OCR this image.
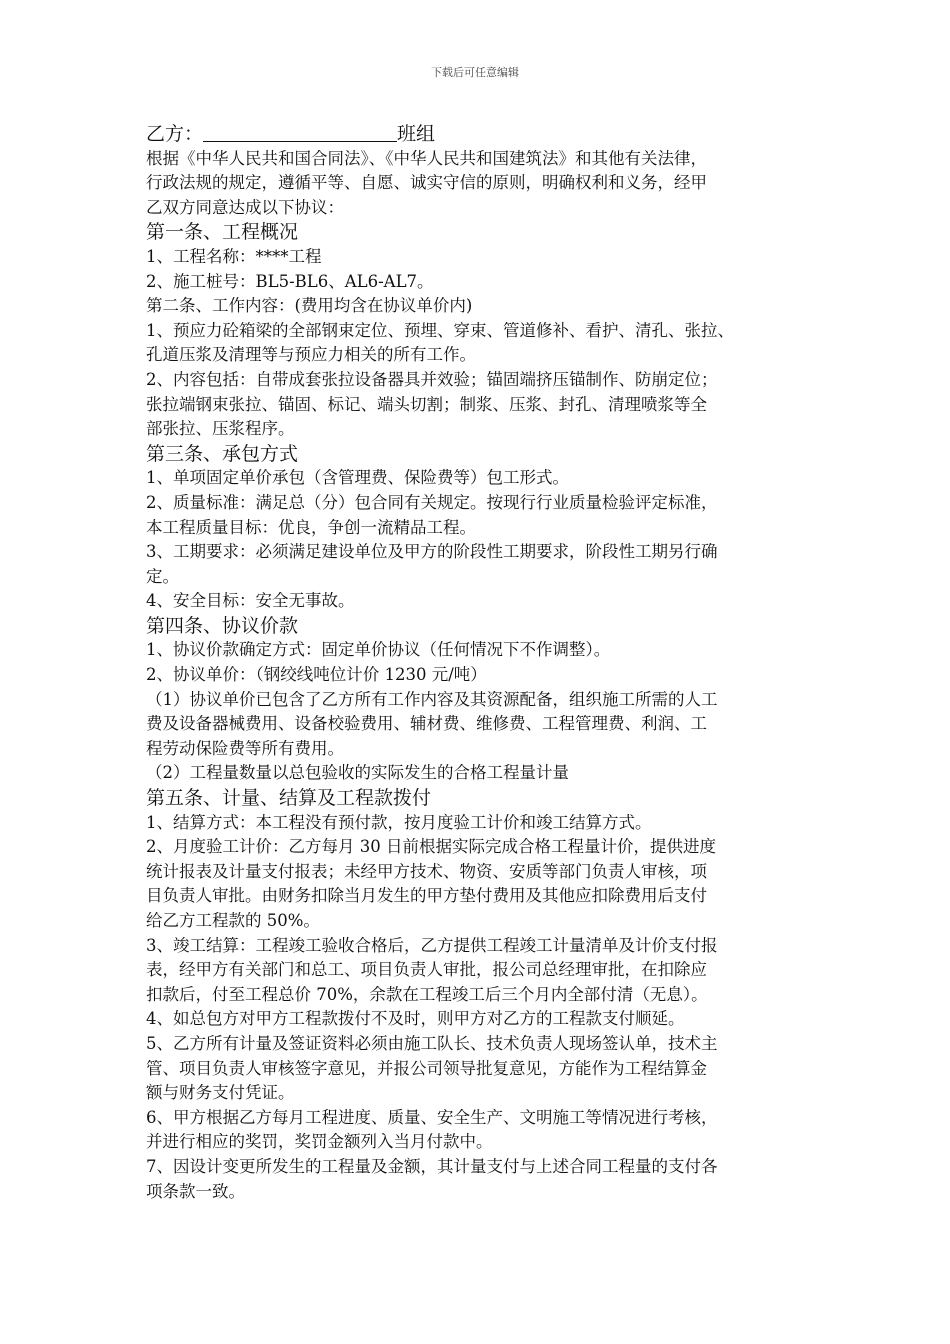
下载后可任意编辑
乙方：	班组
根据《中华人民共和国合同法》、《中华人民共和国建筑法》和其他有关法律，
行政法规的规定，遵循平等、自愿、诚实守信的原则，明确权利和义务，经甲
乙双方同意达成以下协议：
第一条、工程概况
1、工程名称：****工程
2、施工桩号：BL5-BL6、AL6-AL7。
第二条、工作内容：(费用均含在协议单价内)
1、预应力砼箱梁的全部钢束定位、预埋、穿束、管道修补、看护、清孔、张拉、
孔道压浆及清理等与预应力相关的所有工作。
2、内容包括：自带成套张拉设备器具并效验；锚固端挤压锚制作、防崩定位；
张拉端钢束张拉、锚固、标记、端头切割；制浆、压浆、封孔、清理喷浆等全
部张拉、压浆程序。
第三条、承包方式
1、单项固定单价承包（含管理费、保险费等）包工形式。
2、质量标准：满足总（分）包合同有关规定。按现行行业质量检验评定标准，
本工程质量目标：优良，争创一流精品工程。
3、工期要求：必须满足建设单位及甲方的阶段性工期要求，阶段性工期另行确
定。
4、安全目标：安全无事故。
第四条、协议价款
1、协议价款确定方式：固定单价协议（任何情况下不作调整）。
2、协议单价：（钢绞线吨位计价 1230 元/吨）
（1）协议单价已包含了乙方所有工作内容及其资源配备，组织施工所需的人工
费及设备器械费用、设备校验费用、辅材费、维修费、工程管理费、利润、工
程劳动保险费等所有费用。
（2）工程量数量以总包验收的实际发生的合格工程量计量
第五条、计量、结算及工程款拨付
1、结算方式：本工程没有预付款，按月度验工计价和竣工结算方式。
2、月度验工计价：乙方每月 30 日前根据实际完成合格工程量计价，提供进度
统计报表及计量支付报表；未经甲方技术、物资、安质等部门负责人审核，项
目负责人审批。由财务扣除当月发生的甲方垫付费用及其他应扣除费用后支付
给乙方工程款的 50%。
3、竣工结算：工程竣工验收合格后，乙方提供工程竣工计量清单及计价支付报
表，经甲方有关部门和总工、项目负责人审批，报公司总经理审批，在扣除应
扣款后，付至工程总价 70%，余款在工程竣工后三个月内全部付清（无息）。
4、如总包方对甲方工程款拨付不及时，则甲方对乙方的工程款支付顺延。
5、乙方所有计量及签证资料必须由施工队长、技术负责人现场签认单，技术主
管、项目负责人审核签字意见，并报公司领导批复意见，方能作为工程结算金
额与财务支付凭证。
6、甲方根据乙方每月工程进度、质量、安全生产、文明施工等情况进行考核，
并进行相应的奖罚，奖罚金额列入当月付款中。
7、因设计变更所发生的工程量及金额，其计量支付与上述合同工程量的支付各
项条款一致。
